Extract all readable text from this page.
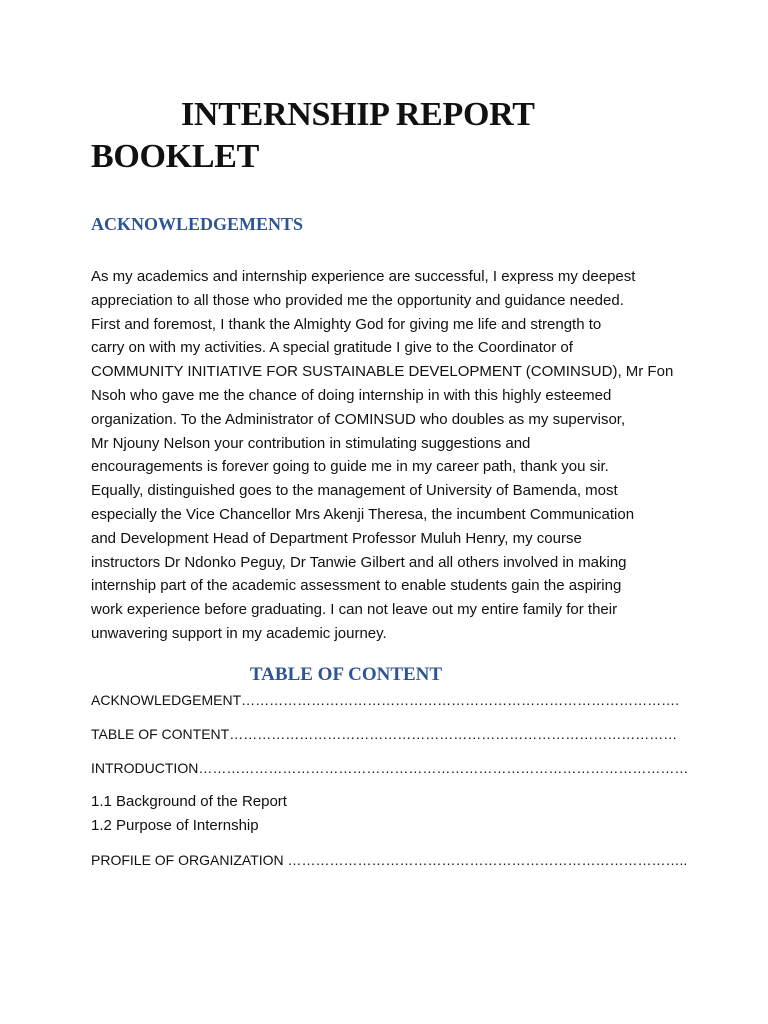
INTERNSHIP REPORT
BOOKLET
ACKNOWLEDGEMENTS

As my academics and internship experience are successful, I express my deepest
appreciation to all those who provided me the opportunity and guidance needed.
First and foremost, I thank the Almighty God for giving me life and strength to
carry on with my activities. A special gratitude I give to the Coordinator of
COMMUNITY INITIATIVE FOR SUSTAINABLE DEVELOPMENT (COMINSUD), Mr Fon
Nsoh who gave me the chance of doing internship in with this highly esteemed
organization. To the Administrator of COMINSUD who doubles as my supervisor,
Mr Njouny Nelson your contribution in stimulating suggestions and
encouragements is forever going to guide me in my career path, thank you sir.
Equally, distinguished goes to the management of University of Bamenda, most
especially the Vice Chancellor Mrs Akenji Theresa, the incumbent Communication
and Development Head of Department Professor Muluh Henry, my course
instructors Dr Ndonko Peguy, Dr Tanwie Gilbert and all others involved in making
internship part of the academic assessment to enable students gain the aspiring
work experience before graduating. I can not leave out my entire family for their
unwavering support in my academic journey.

TABLE OF CONTENT
ACKNOWLEDGEMENT………………………………………………………………………………….
TABLE OF CONTENT……………………………………………………………………………………
INTRODUCTION……………………………………………………………………………………………
1.1 Background of the Report
1.2 Purpose of Internship
PROFILE OF ORGANIZATION …………………………………………………………………………..
